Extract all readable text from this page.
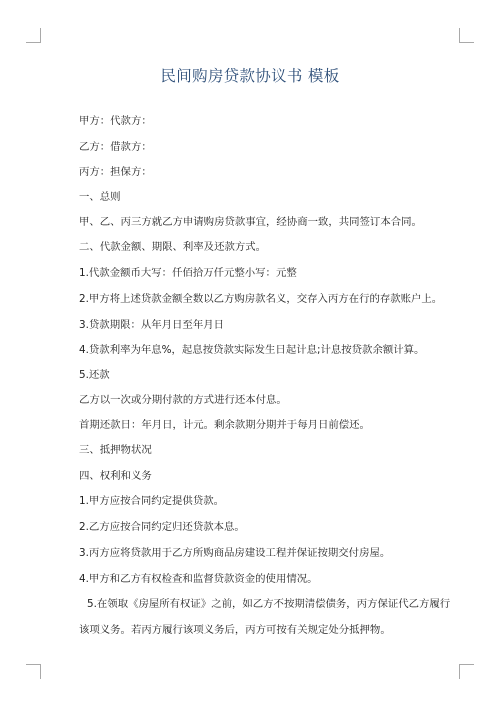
民间购房贷款协议书 模板
甲方：代款方：
乙方：借款方：
丙方：担保方：
一、总则
甲、乙、丙三方就乙方申请购房贷款事宜，经协商一致，共同签订本合同。
二、代款金额、期限、利率及还款方式。
1.代款金额币大写：仟佰拾万仟元整小写：元整
2.甲方将上述贷款金额全数以乙方购房款名义，交存入丙方在行的存款账户上。
3.贷款期限：从年月日至年月日
4.贷款利率为年息%，起息按贷款实际发生日起计息;计息按贷款余额计算。
5.还款
乙方以一次或分期付款的方式进行还本付息。
首期还款日：年月日，计元。剩余款期分期并于每月日前偿还。
三、抵押物状况
四、权利和义务
1.甲方应按合同约定提供贷款。
2.乙方应按合同约定归还贷款本息。
3.丙方应将贷款用于乙方所购商品房建设工程并保证按期交付房屋。
4.甲方和乙方有权检查和监督贷款资金的使用情况。
5.在领取《房屋所有权证》之前，如乙方不按期清偿债务，丙方保证代乙方履行
该项义务。若丙方履行该项义务后，丙方可按有关规定处分抵押物。
